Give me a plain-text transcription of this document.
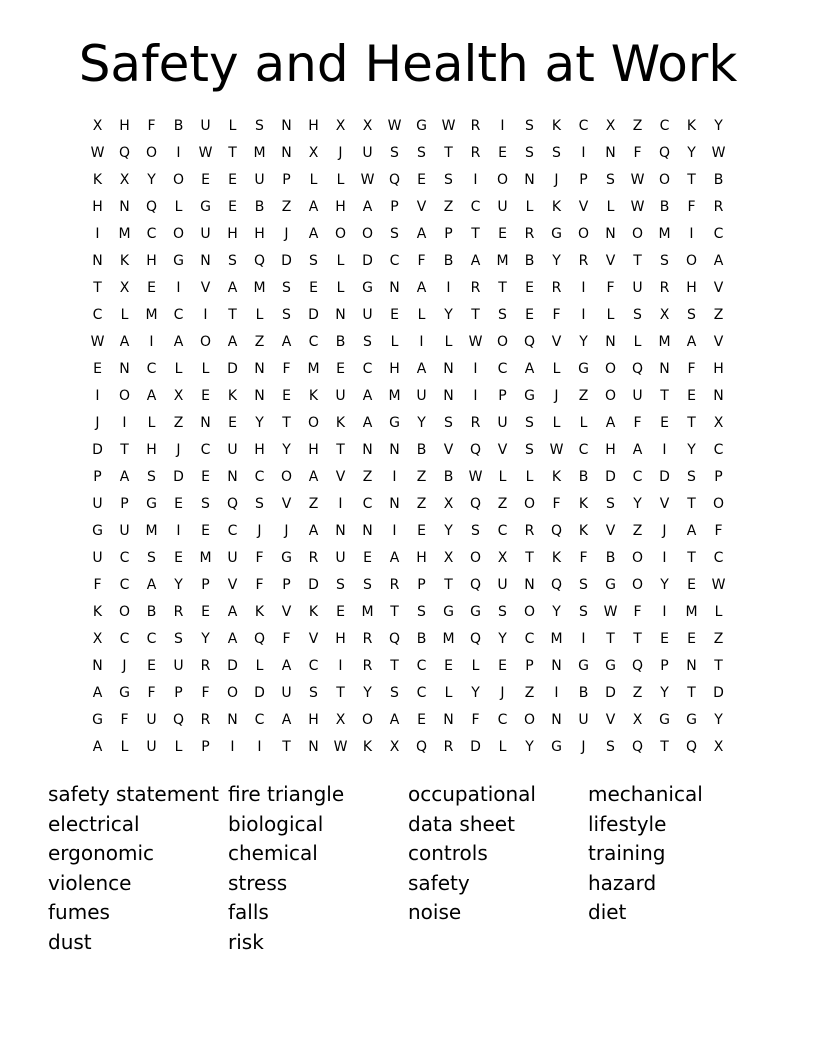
Safety and Health at Work
X	H	F	B	U	L	S	N	H	X	X	W	G	W	R	I	S	K	C	X	Z	C	K	Y
W	Q	O	I	W	T	M	N	X	J	U	S	S	T	R	E	S	S	I	N	F	Q	Y	W
K	X	Y	O	E	E	U	P	L	L	W	Q	E	S	I	O	N	J	P	S	W	O	T	B
H	N	Q	L	G	E	B	Z	A	H	A	P	V	Z	C	U	L	K	V	L	W	B	F	R
I	M	C	O	U	H	H	J	A	O	O	S	A	P	T	E	R	G	O	N	O	M	I	C
N	K	H	G	N	S	Q	D	S	L	D	C	F	B	A	M	B	Y	R	V	T	S	O	A
T	X	E	I	V	A	M	S	E	L	G	N	A	I	R	T	E	R	I	F	U	R	H	V
C	L	M	C	I	T	L	S	D	N	U	E	L	Y	T	S	E	F	I	L	S	X	S	Z
W	A	I	A	O	A	Z	A	C	B	S	L	I	L	W	O	Q	V	Y	N	L	M	A	V
E	N	C	L	L	D	N	F	M	E	C	H	A	N	I	C	A	L	G	O	Q	N	F	H
I	O	A	X	E	K	N	E	K	U	A	M	U	N	I	P	G	J	Z	O	U	T	E	N
J	I	L	Z	N	E	Y	T	O	K	A	G	Y	S	R	U	S	L	L	A	F	E	T	X
D	T	H	J	C	U	H	Y	H	T	N	N	B	V	Q	V	S	W	C	H	A	I	Y	C
P	A	S	D	E	N	C	O	A	V	Z	I	Z	B	W	L	L	K	B	D	C	D	S	P
U	P	G	E	S	Q	S	V	Z	I	C	N	Z	X	Q	Z	O	F	K	S	Y	V	T	O
G	U	M	I	E	C	J	J	A	N	N	I	E	Y	S	C	R	Q	K	V	Z	J	A	F
U	C	S	E	M	U	F	G	R	U	E	A	H	X	O	X	T	K	F	B	O	I	T	C
F	C	A	Y	P	V	F	P	D	S	S	R	P	T	Q	U	N	Q	S	G	O	Y	E	W
K	O	B	R	E	A	K	V	K	E	M	T	S	G	G	S	O	Y	S	W	F	I	M	L
X	C	C	S	Y	A	Q	F	V	H	R	Q	B	M	Q	Y	C	M	I	T	T	E	E	Z
N	J	E	U	R	D	L	A	C	I	R	T	C	E	L	E	P	N	G	G	Q	P	N	T
A	G	F	P	F	O	D	U	S	T	Y	S	C	L	Y	J	Z	I	B	D	Z	Y	T	D
G	F	U	Q	R	N	C	A	H	X	O	A	E	N	F	C	O	N	U	V	X	G	G	Y
A	L	U	L	P	I	I	T	N	W	K	X	Q	R	D	L	Y	G	J	S	Q	T	Q	X
safety statement
electrical
ergonomic
violence
fumes
dust
fire triangle
biological
chemical
stress
falls
risk
occupational
data sheet
controls
safety
noise
mechanical
lifestyle
training
hazard
diet
